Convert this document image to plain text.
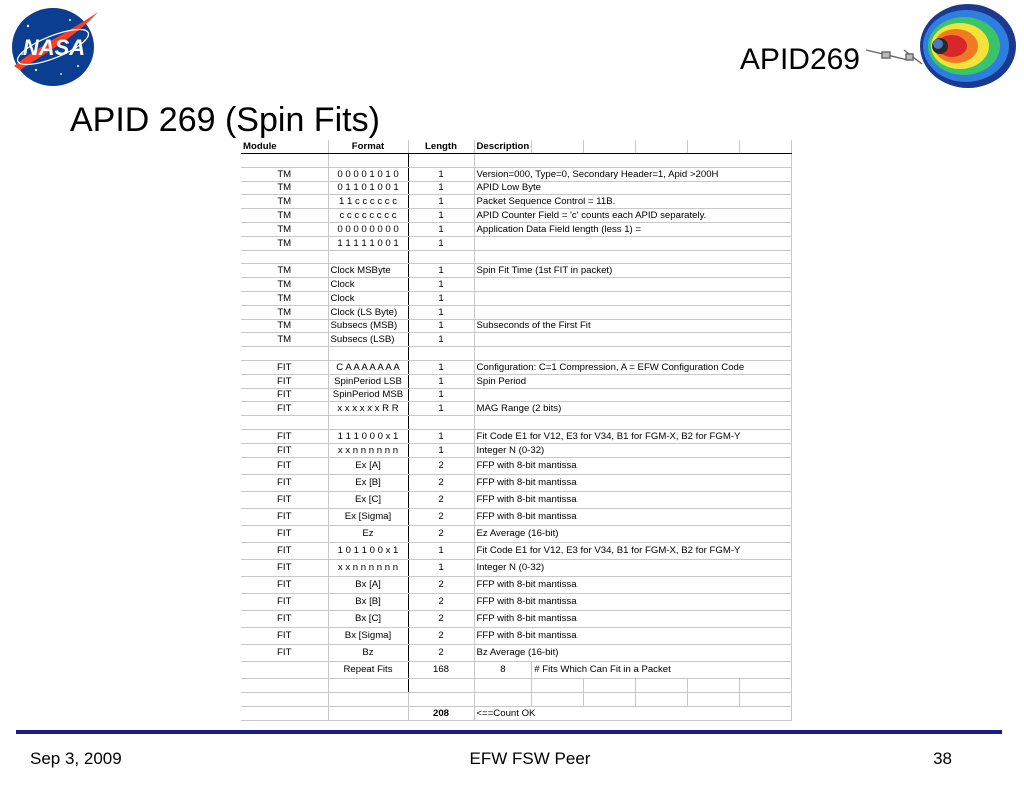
NASA	APID269
APID 269 (Spin Fits)
Module	Format	Length	Description					

TM	0 0 0 0 1 0 1 0	1	Version=000, Type=0, Secondary Header=1, Apid >200H					
TM	0 1 1 0 1 0 0 1	1	APID Low Byte					
TM	1 1 c c c c c c	1	Packet Sequence Control = 11B.					
TM	c c c c c c c c	1	APID Counter Field = 'c' counts each APID separately.					
TM	0 0 0 0 0 0 0 0	1	Application Data Field length (less 1) =					
TM	1 1 1 1 1 0 0 1	1						

TM	Clock MSByte	1	Spin Fit Time (1st FIT in packet)					
TM	Clock	1						
TM	Clock	1						
TM	Clock (LS Byte)	1						
TM	Subsecs (MSB)	1	Subseconds of the First Fit					
TM	Subsecs (LSB)	1						

FIT	C A A A A A A A	1	Configuration: C=1 Compression, A = EFW Configuration Code					
FIT	SpinPeriod LSB	1	Spin Period					
FIT	SpinPeriod MSB	1						
FIT	x x x x x x R R	1	MAG Range (2 bits)					

FIT	1 1 1 0 0 0 x 1	1	Fit Code E1 for V12, E3 for V34, B1 for FGM-X, B2 for FGM-Y					
FIT	x x n n n n n n	1	Integer N (0-32)					
FIT	Ex [A]	2	FFP with 8-bit mantissa					
FIT	Ex [B]	2	FFP with 8-bit mantissa					
FIT	Ex [C]	2	FFP with 8-bit mantissa					
FIT	Ex [Sigma]	2	FFP with 8-bit mantissa					
FIT	Ez	2	Ez Average (16-bit)					
FIT	1 0 1 1 0 0 x 1	1	Fit Code E1 for V12, E3 for V34, B1 for FGM-X, B2 for FGM-Y					
FIT	x x n n n n n n	1	Integer N (0-32)					
FIT	Bx [A]	2	FFP with 8-bit mantissa					
FIT	Bx [B]	2	FFP with 8-bit mantissa					
FIT	Bx [C]	2	FFP with 8-bit mantissa					
FIT	Bx [Sigma]	2	FFP with 8-bit mantissa					
FIT	Bz	2	Bz Average (16-bit)					
	Repeat Fits	168	8	# Fits Which Can Fit in a Packet				

		208	<==Count OK					
Sep 3, 2009	EFW FSW Peer	38
